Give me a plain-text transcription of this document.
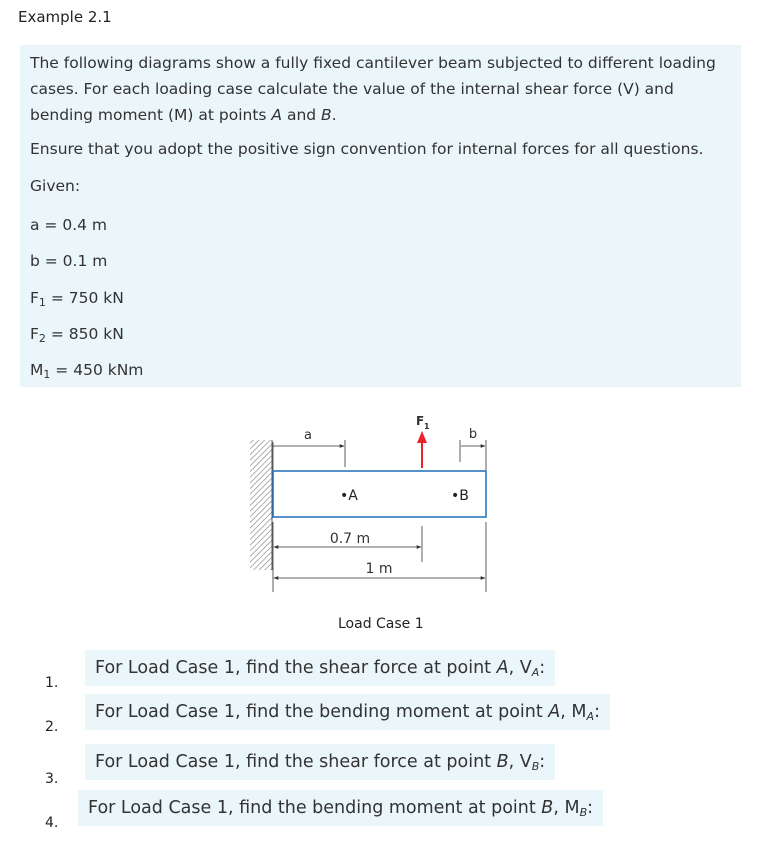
Example 2.1
The following diagrams show a fully fixed cantilever beam subjected to different loading cases. For each loading case calculate the value of the internal shear force (V) and bending moment (M) at points A and B.
Ensure that you adopt the positive sign convention for internal forces for all questions.
Given:
a = 0.4 m
b = 0.1 m
$F_1 = 750$ kN
$F_2 = 850$ kN
$M_1 = 450$ kNm
a	b
F 1
•A	•B
0.7 m
1 m
Load Case 1
1.
For Load Case 1, find the shear force at point A, $V_A$:
2.
For Load Case 1, find the bending moment at point A, $M_A$:
3.
For Load Case 1, find the shear force at point B, $V_B$:
4.
For Load Case 1, find the bending moment at point B, $M_B$:
